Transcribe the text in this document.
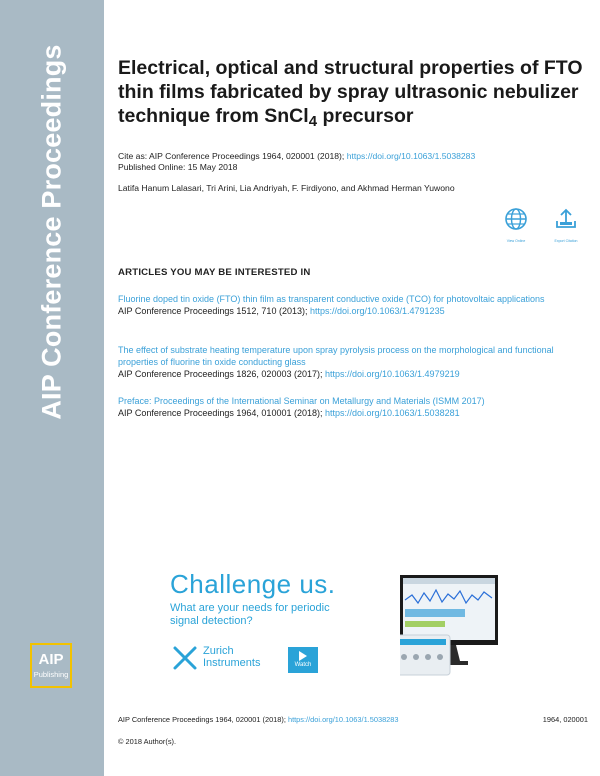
AIP Conference Proceedings
AIP
Publishing
Electrical, optical and structural properties of FTO thin films fabricated by spray ultrasonic nebulizer technique from SnCl$_4$ precursor
Cite as: AIP Conference Proceedings 1964, 020001 (2018); https://doi.org/10.1063/1.5038283
Published Online: 15 May 2018
Latifa Hanum Lalasari, Tri Arini, Lia Andriyah, F. Firdiyono, and Akhmad Herman Yuwono
View Online	Export Citation
ARTICLES YOU MAY BE INTERESTED IN
Fluorine doped tin oxide (FTO) thin film as transparent conductive oxide (TCO) for photovoltaic applications
AIP Conference Proceedings 1512, 710 (2013); https://doi.org/10.1063/1.4791235
The effect of substrate heating temperature upon spray pyrolysis process on the morphological and functional properties of fluorine tin oxide conducting glass
AIP Conference Proceedings 1826, 020003 (2017); https://doi.org/10.1063/1.4979219
Preface: Proceedings of the International Seminar on Metallurgy and Materials (ISMM 2017)
AIP Conference Proceedings 1964, 010001 (2018); https://doi.org/10.1063/1.5038281
Challenge us.
What are your needs for periodic
signal detection?
Zurich
Instruments	Watch
AIP Conference Proceedings 1964, 020001 (2018); https://doi.org/10.1063/1.5038283	1964, 020001
© 2018 Author(s).
